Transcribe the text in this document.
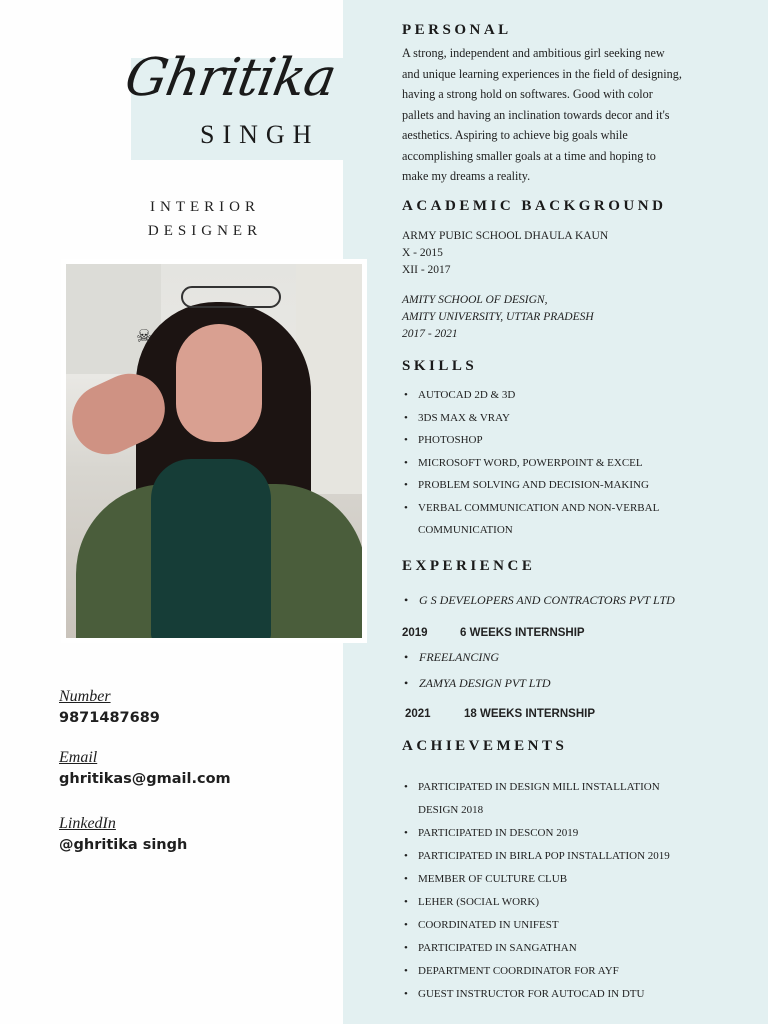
Ghritika
SINGH
INTERIOR
DESIGNER
☠
Number
9871487689
Email
ghritikas@gmail.com
LinkedIn
@ghritika singh
PERSONAL
A strong, independent and ambitious girl seeking new
and unique learning experiences in the field of designing,
having a strong hold on softwares. Good with color
pallets and having an inclination towards decor and it's
aesthetics. Aspiring to achieve big goals while
accomplishing smaller goals at a time and hoping to
make my dreams a reality.
ACADEMIC BACKGROUND
ARMY PUBIC SCHOOL DHAULA KAUN
X - 2015
XII - 2017
AMITY SCHOOL OF DESIGN,
AMITY UNIVERSITY, UTTAR PRADESH
2017 - 2021
SKILLS
• AUTOCAD 2D & 3D
• 3DS MAX & VRAY
• PHOTOSHOP
• MICROSOFT WORD, POWERPOINT & EXCEL
• PROBLEM SOLVING AND DECISION-MAKING
• VERBAL COMMUNICATION AND NON-VERBAL
COMMUNICATION
EXPERIENCE
• G S DEVELOPERS AND CONTRACTORS PVT LTD
2019	6 WEEKS INTERNSHIP
• FREELANCING
• ZAMYA DESIGN PVT LTD
2021	18 WEEKS INTERNSHIP
ACHIEVEMENTS
• PARTICIPATED IN DESIGN MILL INSTALLATION
DESIGN 2018
• PARTICIPATED IN DESCON 2019
• PARTICIPATED IN BIRLA POP INSTALLATION 2019
• MEMBER OF CULTURE CLUB
• LEHER (SOCIAL WORK)
• COORDINATED IN UNIFEST
• PARTICIPATED IN SANGATHAN
• DEPARTMENT COORDINATOR FOR AYF
• GUEST INSTRUCTOR FOR AUTOCAD IN DTU
